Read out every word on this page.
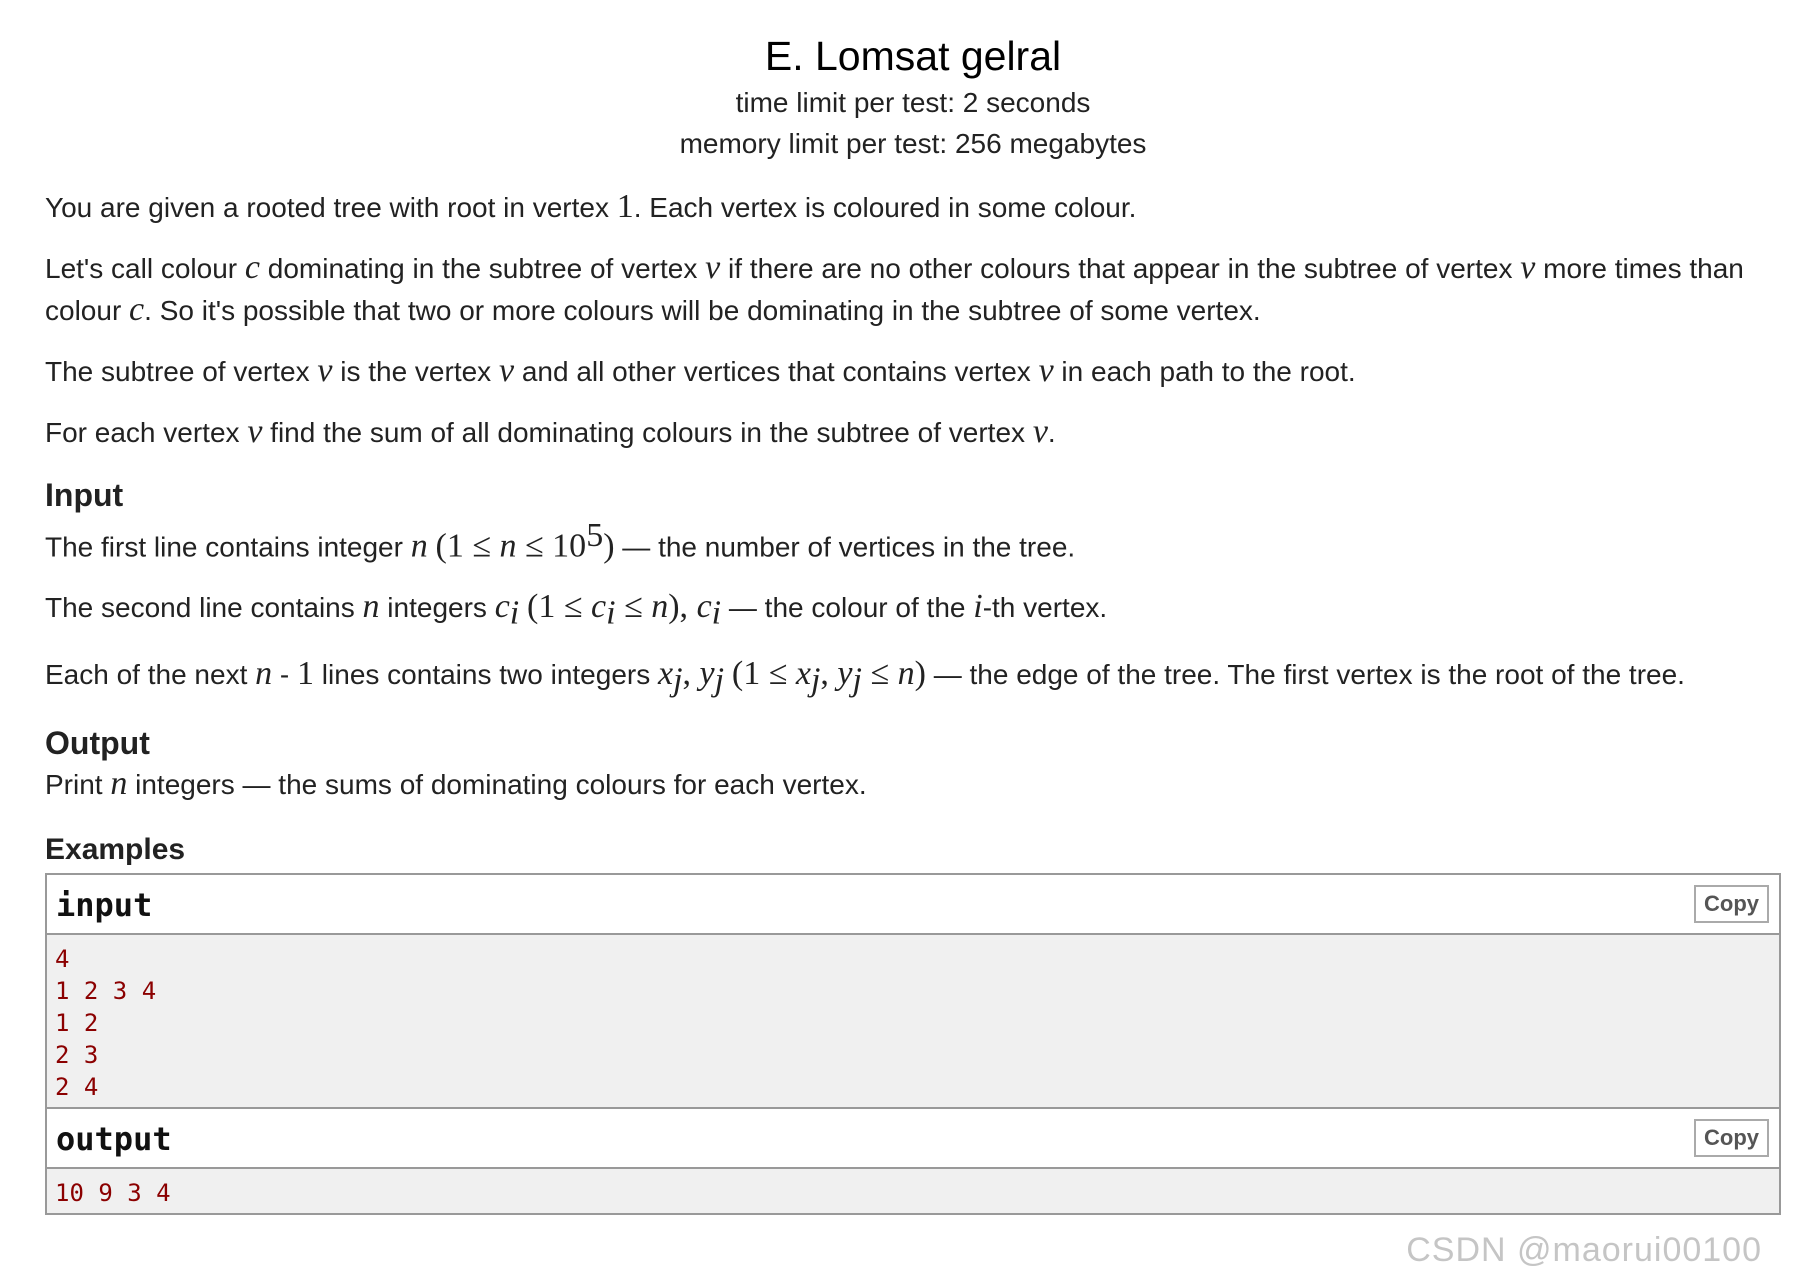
E. Lomsat gelral
time limit per test: 2 seconds
memory limit per test: 256 megabytes

You are given a rooted tree with root in vertex 1. Each vertex is coloured in some colour.

Let's call colour c dominating in the subtree of vertex v if there are no other colours that appear in the subtree of vertex v more times than colour c. So it's possible that two or more colours will be dominating in the subtree of some vertex.

The subtree of vertex v is the vertex v and all other vertices that contains vertex v in each path to the root.

For each vertex v find the sum of all dominating colours in the subtree of vertex v.

Input

The first line contains integer n $(1 \le n \le 10^5)$ — the number of vertices in the tree.

The second line contains n integers $c_i$ $(1 \le c_i \le n)$, $c_i$ — the colour of the i-th vertex.

Each of the next n - 1 lines contains two integers $x_j$, $y_j$ ($1 \le x_j$, $y_j \le n$) — the edge of the tree. The first vertex is the root of the tree.

Output

Print n integers — the sums of dominating colours for each vertex.

Examples
input	Copy
4
1 2 3 4
1 2
2 3
2 4
output	Copy
10 9 3 4
CSDN @maorui00100
